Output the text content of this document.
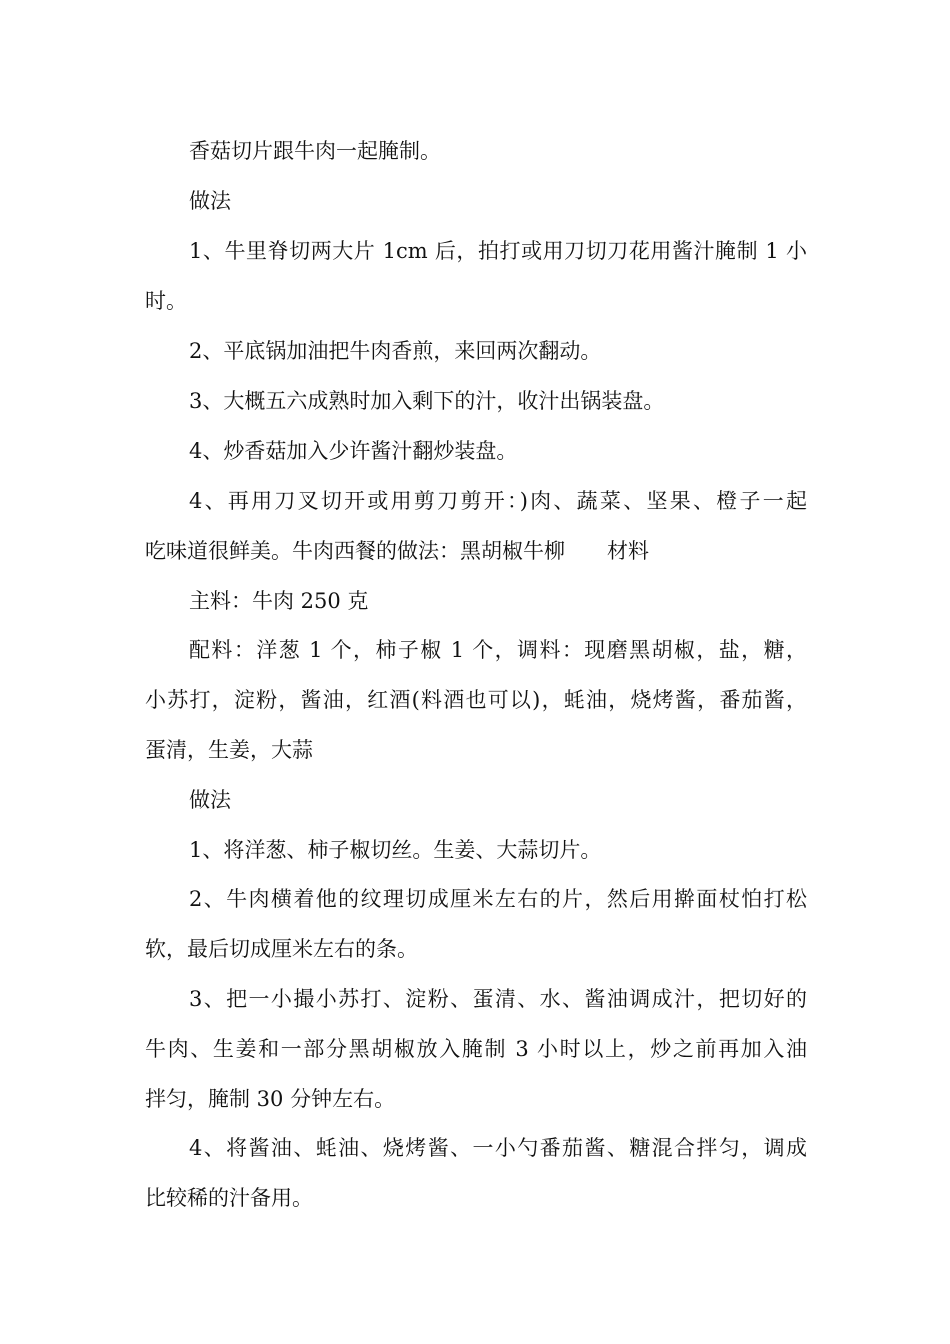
香菇切片跟牛肉一起腌制。
做法
1、牛里脊切两大片 1cm 后，拍打或用刀切刀花用酱汁腌制 1 小
时。
2、平底锅加油把牛肉香煎，来回两次翻动。
3、大概五六成熟时加入剩下的汁，收汁出锅装盘。
4、炒香菇加入少许酱汁翻炒装盘。
4、再用刀叉切开或用剪刀剪开：)肉、蔬菜、坚果、橙子一起
吃味道很鲜美。牛肉西餐的做法：黑胡椒牛柳　　材料
主料：牛肉 250 克
配料：洋葱 1 个，柿子椒 1 个，调料：现磨黑胡椒，盐，糖，
小苏打，淀粉，酱油，红酒(料酒也可以)，蚝油，烧烤酱，番茄酱，
蛋清，生姜，大蒜
做法
1、将洋葱、柿子椒切丝。生姜、大蒜切片。
2、牛肉横着他的纹理切成厘米左右的片，然后用擀面杖怕打松
软，最后切成厘米左右的条。
3、把一小撮小苏打、淀粉、蛋清、水、酱油调成汁，把切好的
牛肉、生姜和一部分黑胡椒放入腌制 3 小时以上，炒之前再加入油
拌匀，腌制 30 分钟左右。
4、将酱油、蚝油、烧烤酱、一小勺番茄酱、糖混合拌匀，调成
比较稀的汁备用。
